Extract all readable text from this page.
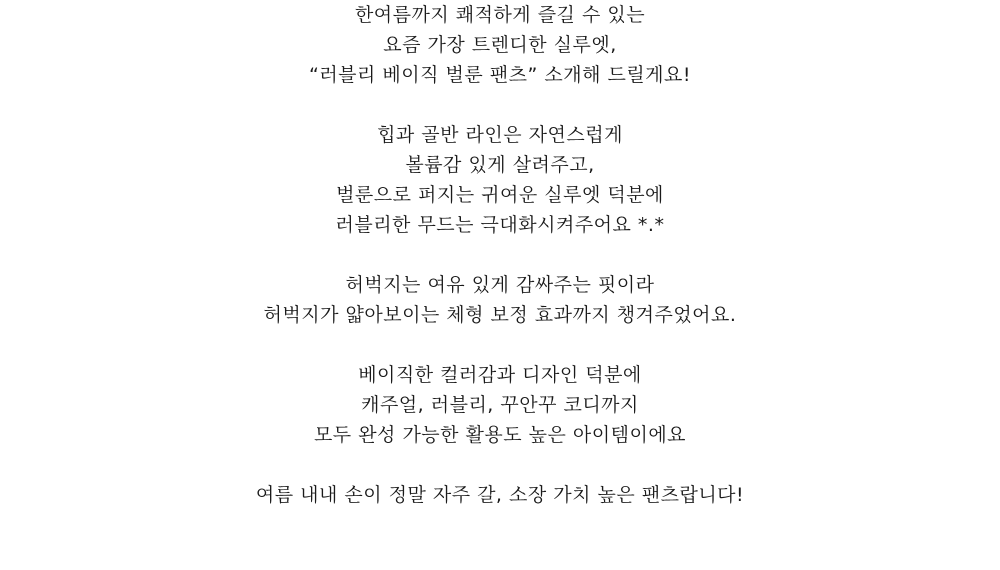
한여름까지 쾌적하게 즐길 수 있는
요즘 가장 트렌디한 실루엣,
“러블리 베이직 벌룬 팬츠” 소개해 드릴게요!

힙과 골반 라인은 자연스럽게
볼륨감 있게 살려주고,
벌룬으로 퍼지는 귀여운 실루엣 덕분에
러블리한 무드는 극대화시켜주어요 *.*

허벅지는 여유 있게 감싸주는 핏이라
허벅지가 얇아보이는 체형 보정 효과까지 챙겨주었어요.

베이직한 컬러감과 디자인 덕분에
캐주얼, 러블리, 꾸안꾸 코디까지
모두 완성 가능한 활용도 높은 아이템이에요

여름 내내 손이 정말 자주 갈, 소장 가치 높은 팬츠랍니다!
